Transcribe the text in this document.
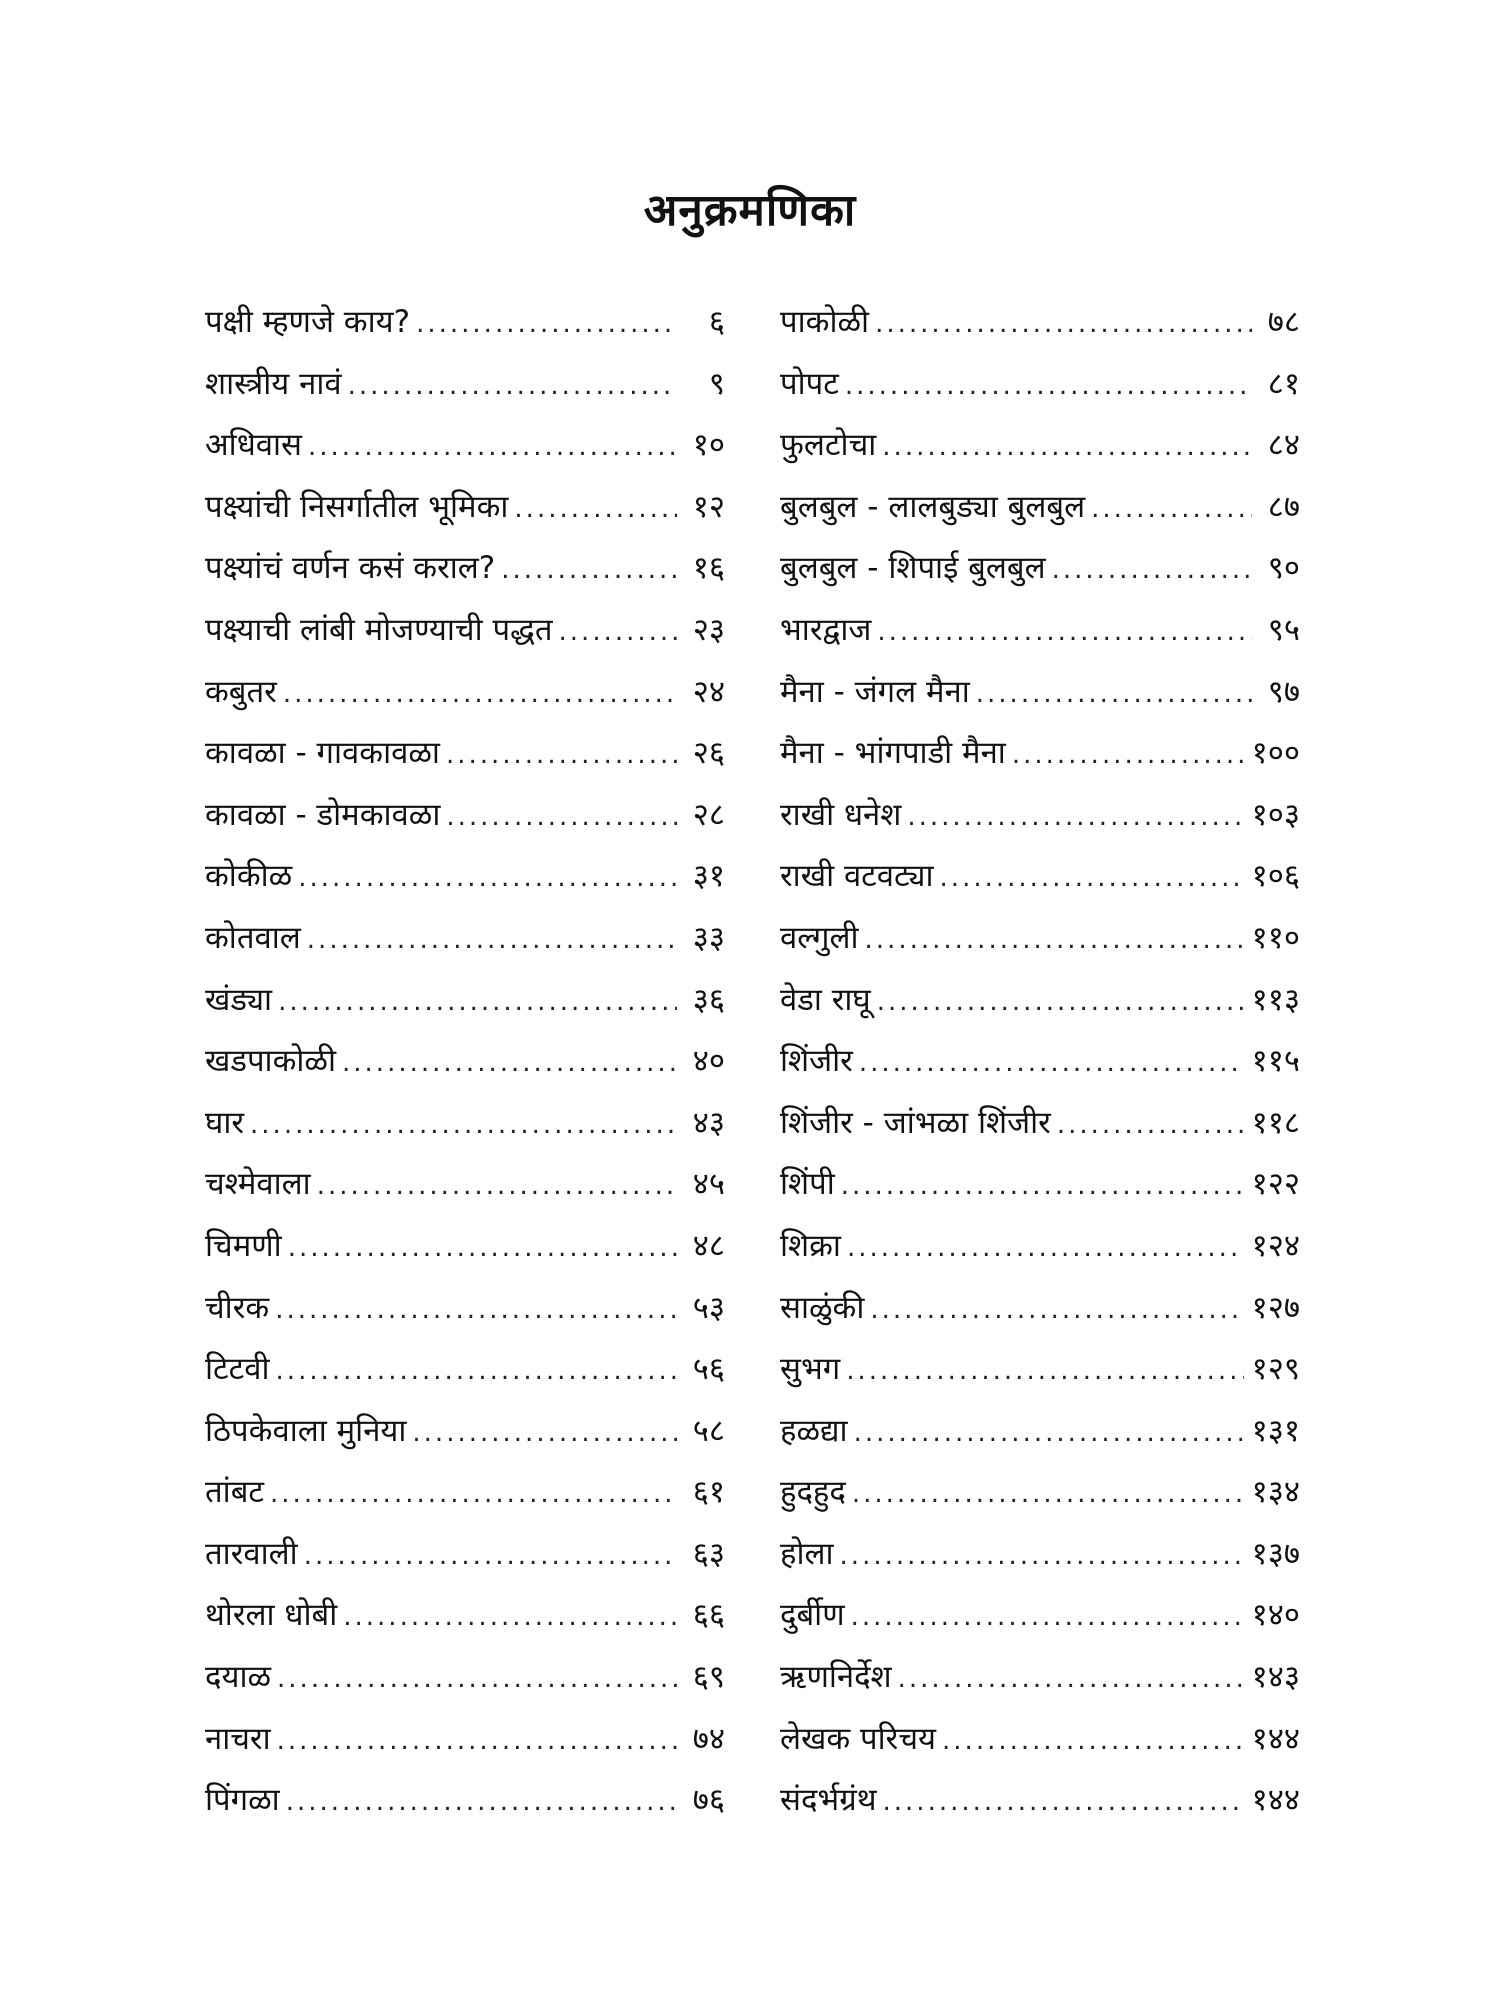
अनुक्रमणिका
पक्षी म्हणजे काय? .....	६
शास्त्रीय नावं .....	९
अधिवास .....	१०
पक्ष्यांची निसर्गातील भूमिका .....	१२
पक्ष्यांचं वर्णन कसं कराल? .....	१६
पक्ष्याची लांबी मोजण्याची पद्धत .....	२३
कबुतर .....	२४
कावळा - गावकावळा .....	२६
कावळा - डोमकावळा .....	२८
कोकीळ .....	३१
कोतवाल .....	३३
खंड्या .....	३६
खडपाकोळी .....	४०
घार .....	४३
चश्मेवाला .....	४५
चिमणी .....	४८
चीरक .....	५३
टिटवी .....	५६
ठिपकेवाला मुनिया .....	५८
तांबट .....	६१
तारवाली .....	६३
थोरला धोबी .....	६६
दयाळ .....	६९
नाचरा .....	७४
पिंगळा .....	७६
पाकोळी .....	७८
पोपट .....	८१
फुलटोचा .....	८४
बुलबुल - लालबुड्या बुलबुल .....	८७
बुलबुल - शिपाई बुलबुल .....	९०
भारद्वाज .....	९५
मैना - जंगल मैना .....	९७
मैना - भांगपाडी मैना .....	१००
राखी धनेश .....	१०३
राखी वटवट्या .....	१०६
वल्गुली .....	११०
वेडा राघू .....	११३
शिंजीर .....	११५
शिंजीर - जांभळा शिंजीर .....	११८
शिंपी .....	१२२
शिक्रा .....	१२४
साळुंकी .....	१२७
सुभग .....	१२९
हळद्या .....	१३१
हुदहुद .....	१३४
होला .....	१३७
दुर्बीण .....	१४०
ऋणनिर्देश .....	१४३
लेखक परिचय .....	१४४
संदर्भग्रंथ .....	१४४
